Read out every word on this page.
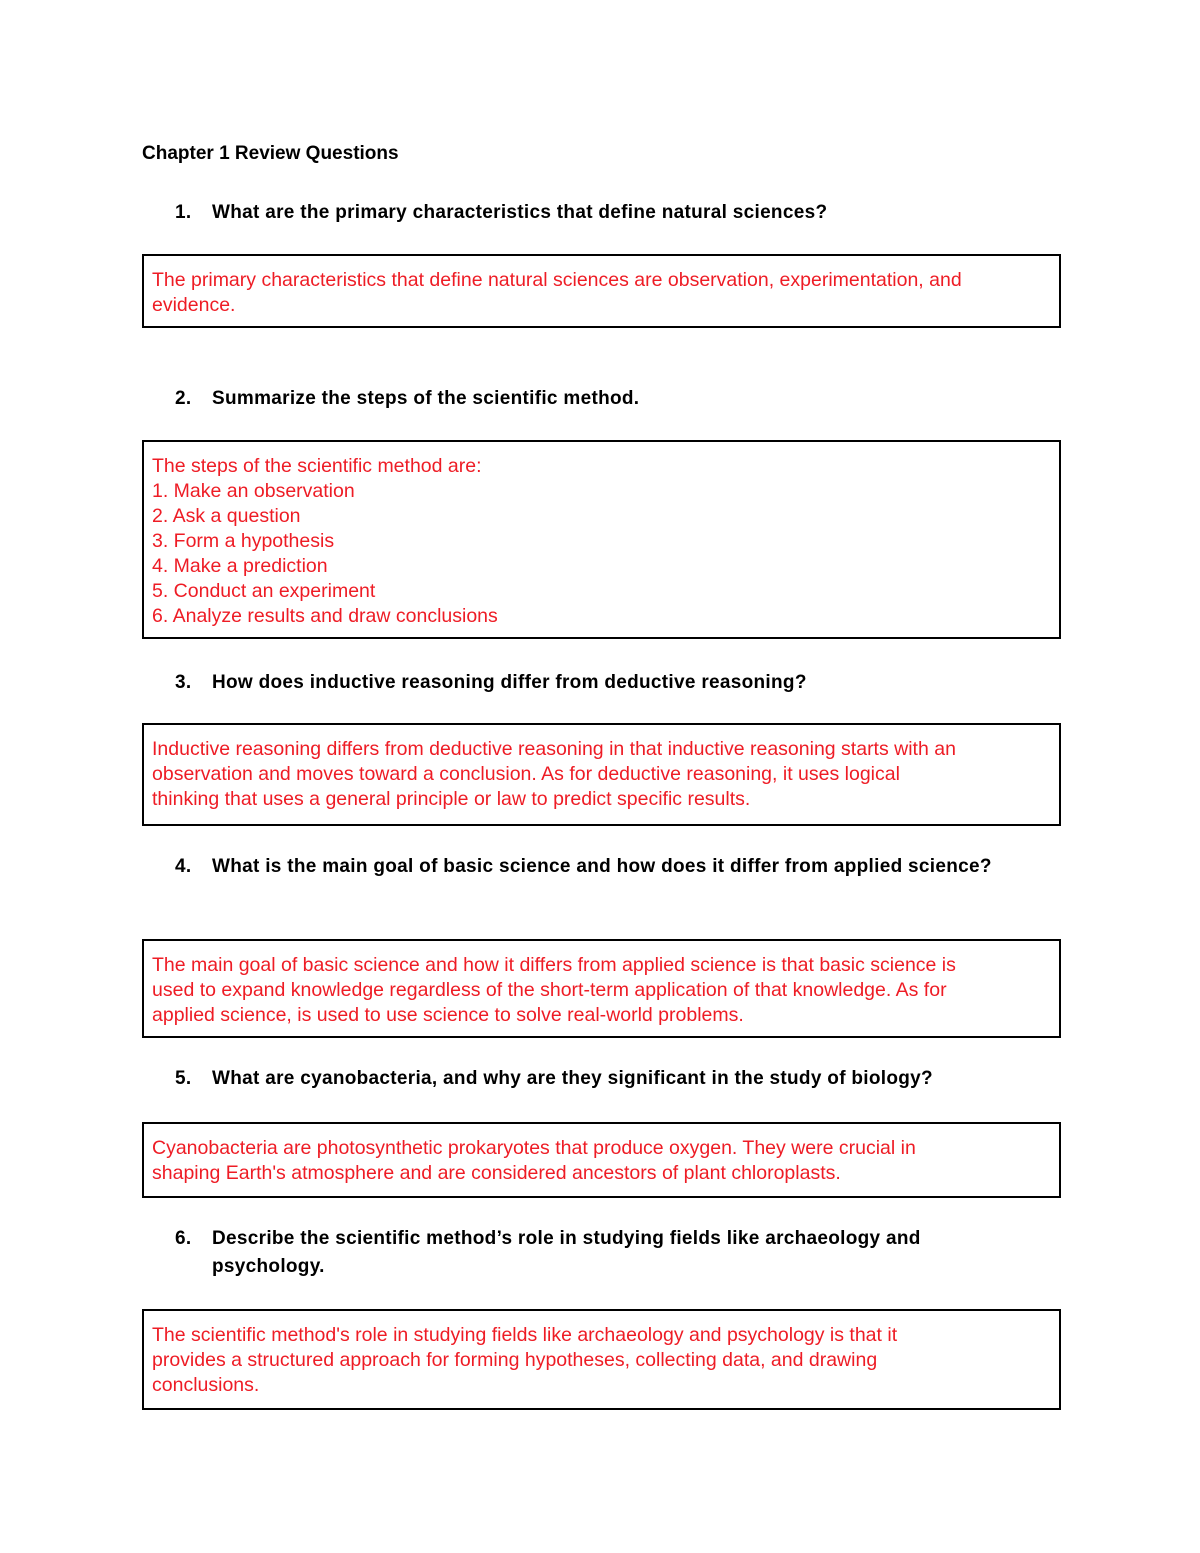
Chapter 1 Review Questions
1. What are the primary characteristics that define natural sciences?
The primary characteristics that define natural sciences are observation, experimentation, and
evidence.
2. Summarize the steps of the scientific method.
The steps of the scientific method are:
1. Make an observation
2. Ask a question
3. Form a hypothesis
4. Make a prediction
5. Conduct an experiment
6. Analyze results and draw conclusions
3. How does inductive reasoning differ from deductive reasoning?
Inductive reasoning differs from deductive reasoning in that inductive reasoning starts with an
observation and moves toward a conclusion. As for deductive reasoning, it uses logical
thinking that uses a general principle or law to predict specific results.
4. What is the main goal of basic science and how does it differ from applied science?
The main goal of basic science and how it differs from applied science is that basic science is
used to expand knowledge regardless of the short-term application of that knowledge. As for
applied science, is used to use science to solve real-world problems.
5. What are cyanobacteria, and why are they significant in the study of biology?
Cyanobacteria are photosynthetic prokaryotes that produce oxygen. They were crucial in
shaping Earth's atmosphere and are considered ancestors of plant chloroplasts.
6. Describe the scientific method’s role in studying fields like archaeology and psychology.
The scientific method's role in studying fields like archaeology and psychology is that it
provides a structured approach for forming hypotheses, collecting data, and drawing
conclusions.
